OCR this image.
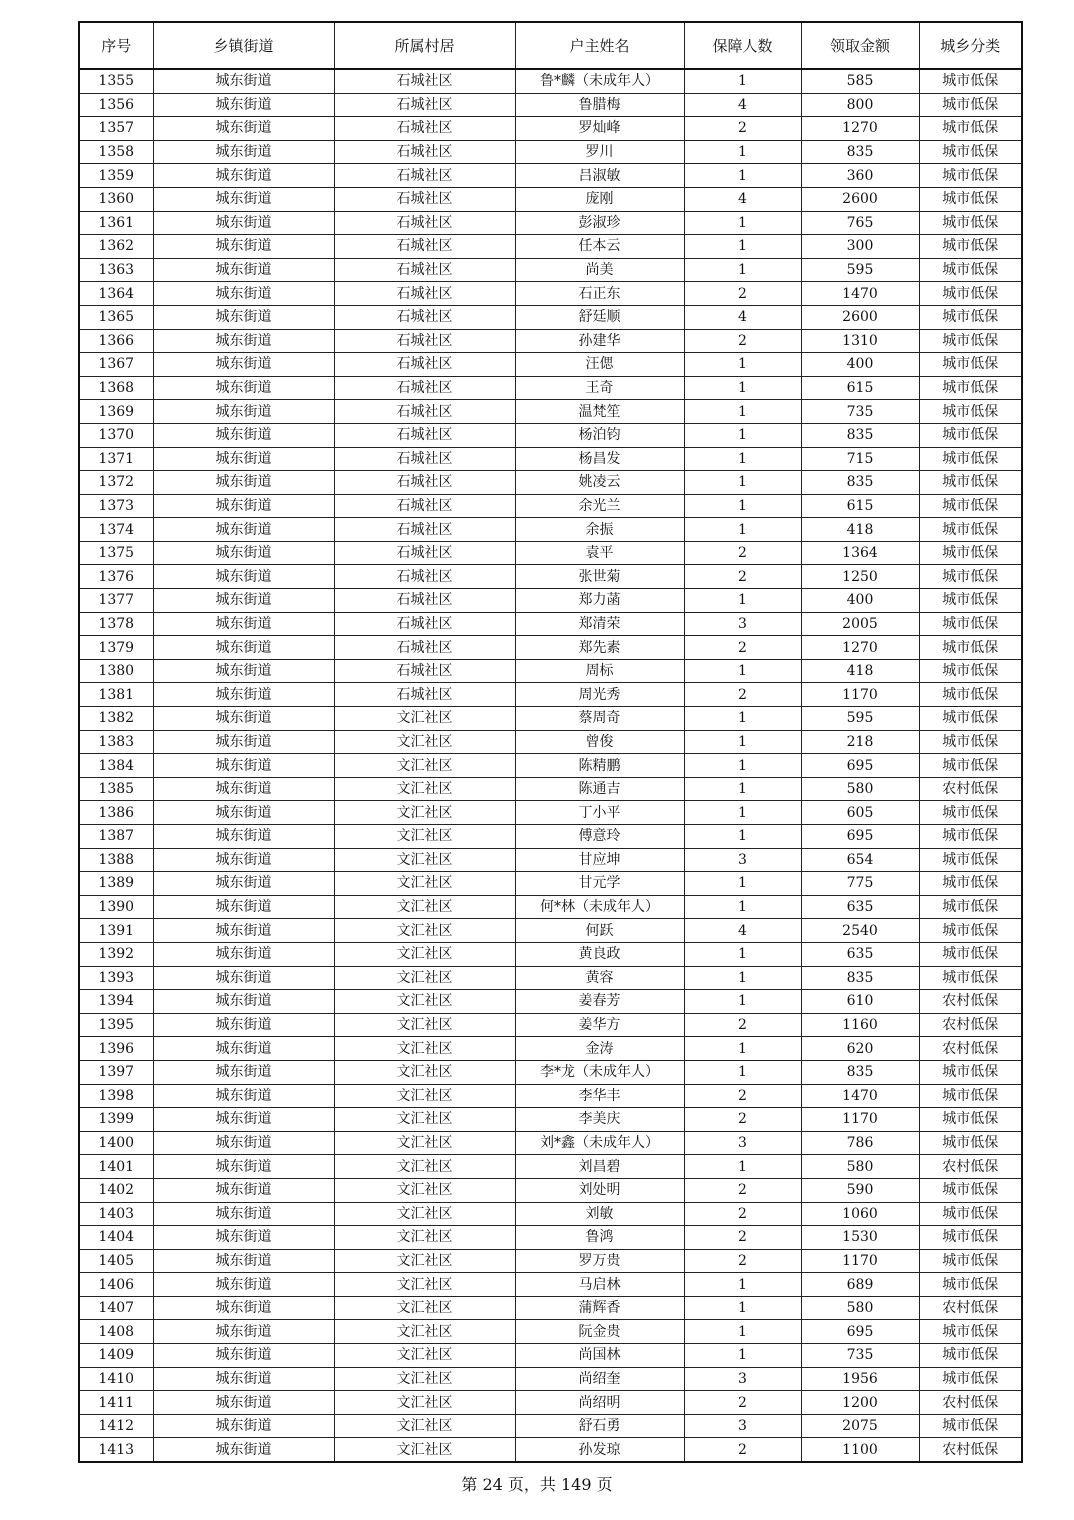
序号	乡镇街道	所属村居	户主姓名	保障人数	领取金额	城乡分类
1355	城东街道	石城社区	鲁*麟（未成年人）	1	585	城市低保
1356	城东街道	石城社区	鲁腊梅	4	800	城市低保
1357	城东街道	石城社区	罗灿峰	2	1270	城市低保
1358	城东街道	石城社区	罗川	1	835	城市低保
1359	城东街道	石城社区	吕淑敏	1	360	城市低保
1360	城东街道	石城社区	庞刚	4	2600	城市低保
1361	城东街道	石城社区	彭淑珍	1	765	城市低保
1362	城东街道	石城社区	任本云	1	300	城市低保
1363	城东街道	石城社区	尚美	1	595	城市低保
1364	城东街道	石城社区	石正东	2	1470	城市低保
1365	城东街道	石城社区	舒廷顺	4	2600	城市低保
1366	城东街道	石城社区	孙建华	2	1310	城市低保
1367	城东街道	石城社区	汪偲	1	400	城市低保
1368	城东街道	石城社区	王奇	1	615	城市低保
1369	城东街道	石城社区	温梵笙	1	735	城市低保
1370	城东街道	石城社区	杨泊钧	1	835	城市低保
1371	城东街道	石城社区	杨昌发	1	715	城市低保
1372	城东街道	石城社区	姚凌云	1	835	城市低保
1373	城东街道	石城社区	余光兰	1	615	城市低保
1374	城东街道	石城社区	余振	1	418	城市低保
1375	城东街道	石城社区	袁平	2	1364	城市低保
1376	城东街道	石城社区	张世菊	2	1250	城市低保
1377	城东街道	石城社区	郑力菡	1	400	城市低保
1378	城东街道	石城社区	郑清荣	3	2005	城市低保
1379	城东街道	石城社区	郑先素	2	1270	城市低保
1380	城东街道	石城社区	周标	1	418	城市低保
1381	城东街道	石城社区	周光秀	2	1170	城市低保
1382	城东街道	文汇社区	蔡周奇	1	595	城市低保
1383	城东街道	文汇社区	曾俊	1	218	城市低保
1384	城东街道	文汇社区	陈精鹏	1	695	城市低保
1385	城东街道	文汇社区	陈通吉	1	580	农村低保
1386	城东街道	文汇社区	丁小平	1	605	城市低保
1387	城东街道	文汇社区	傅意玲	1	695	城市低保
1388	城东街道	文汇社区	甘应坤	3	654	城市低保
1389	城东街道	文汇社区	甘元学	1	775	城市低保
1390	城东街道	文汇社区	何*林（未成年人）	1	635	城市低保
1391	城东街道	文汇社区	何跃	4	2540	城市低保
1392	城东街道	文汇社区	黄良政	1	635	城市低保
1393	城东街道	文汇社区	黄容	1	835	城市低保
1394	城东街道	文汇社区	姜春芳	1	610	农村低保
1395	城东街道	文汇社区	姜华方	2	1160	农村低保
1396	城东街道	文汇社区	金涛	1	620	农村低保
1397	城东街道	文汇社区	李*龙（未成年人）	1	835	城市低保
1398	城东街道	文汇社区	李华丰	2	1470	城市低保
1399	城东街道	文汇社区	李美庆	2	1170	城市低保
1400	城东街道	文汇社区	刘*鑫（未成年人）	3	786	城市低保
1401	城东街道	文汇社区	刘昌碧	1	580	农村低保
1402	城东街道	文汇社区	刘处明	2	590	城市低保
1403	城东街道	文汇社区	刘敏	2	1060	城市低保
1404	城东街道	文汇社区	鲁鸿	2	1530	城市低保
1405	城东街道	文汇社区	罗万贵	2	1170	城市低保
1406	城东街道	文汇社区	马启林	1	689	城市低保
1407	城东街道	文汇社区	蒲辉香	1	580	农村低保
1408	城东街道	文汇社区	阮金贵	1	695	城市低保
1409	城东街道	文汇社区	尚国林	1	735	城市低保
1410	城东街道	文汇社区	尚绍奎	3	1956	城市低保
1411	城东街道	文汇社区	尚绍明	2	1200	农村低保
1412	城东街道	文汇社区	舒石勇	3	2075	城市低保
1413	城东街道	文汇社区	孙发琼	2	1100	农村低保
第 24 页，共 149 页
